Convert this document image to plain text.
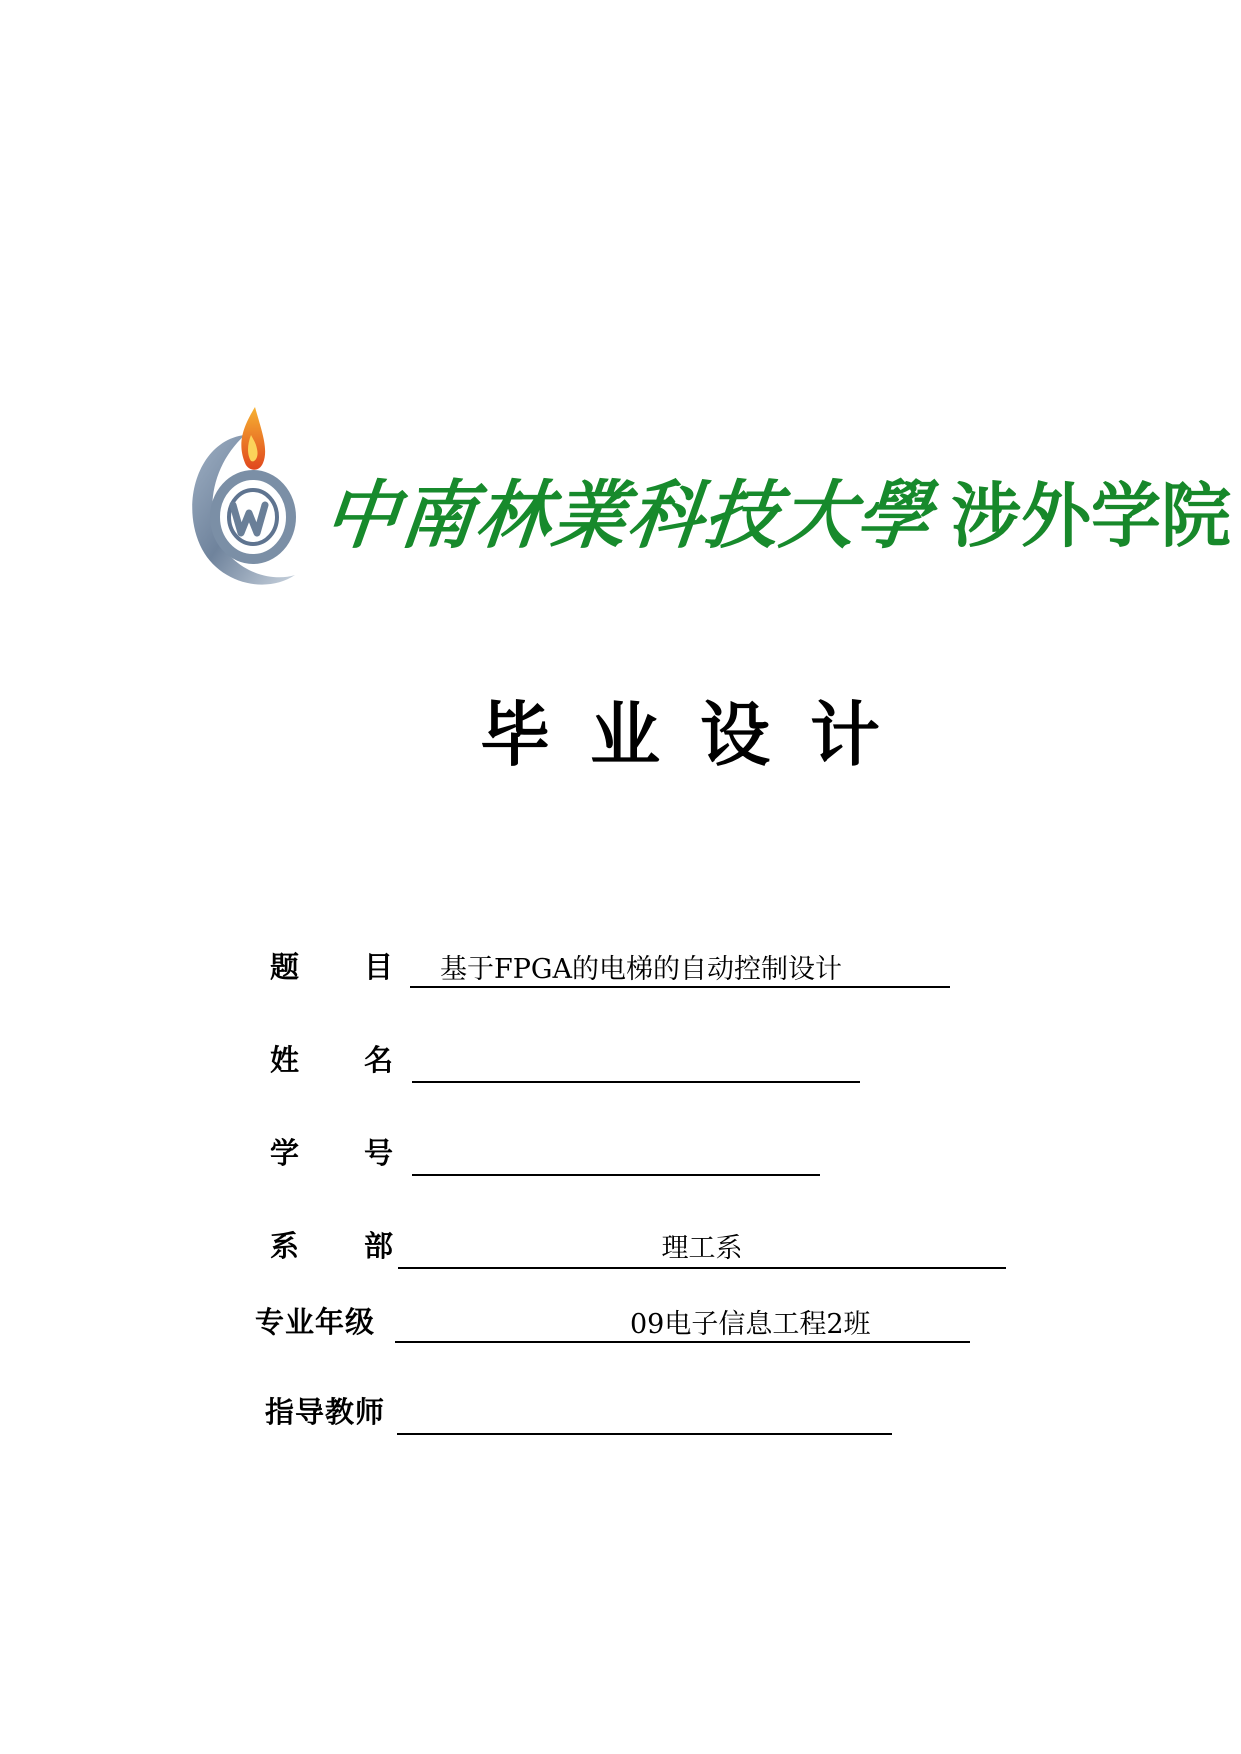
中南林業科技大學 涉外学院
毕业设计
题目
基于FPGA的电梯的自动控制设计
姓名
学号
系部	理工系
专业年级	09电子信息工程2班
指导教师
